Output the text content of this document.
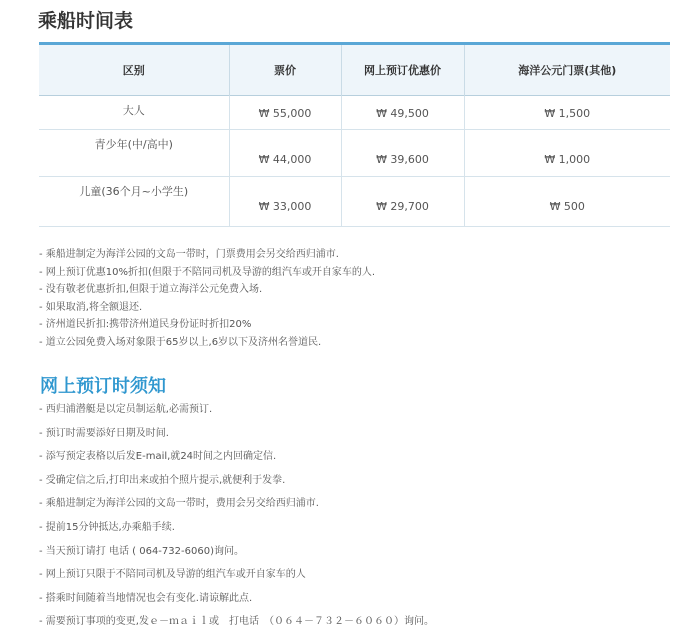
乘船时间表
区别	票价	网上预订优惠价	海洋公元门票(其他)
大人	₩ 55,000	₩ 49,500	₩ 1,500
青少年(中/高中)	₩ 44,000	₩ 39,600	₩ 1,000
儿童(36个月~小学生)	₩ 33,000	₩ 29,700	₩ 500
- 乘船进制定为海洋公园的文岛一带时，门票费用会另交给西归浦市.
- 网上预订优惠10%折扣(但限于不陪同司机及导游的组汽车或开自家车的人.
- 没有敬老优惠折扣,但限于道立海洋公元免费入场.
- 如果取消,将全额退还.
- 济州道民折扣:携带济州道民身份证时折扣20%
- 道立公园免费入场对象限于65岁以上,6岁以下及济州名誉道民.
网上预订时须知
- 西归浦潜艇是以定员制运航,必需预订.
- 预订时需要添好日期及时间.
- 添写预定表格以后发E-mail,就24时间之内回确定信.
- 受确定信之后,打印出来或拍个照片提示,就便利于发拳.
- 乘船进制定为海洋公园的文岛一带时，费用会另交给西归浦市.
- 提前15分钟抵达,办乘船手续.
- 当天预订请打 电话 ( 064-732-6060)询问。
- 网上预订只限于不陪同司机及导游的组汽车或开自家车的人
- 搭乘时间随着当地情况也会有变化.请谅解此点.
- 需要预订事项的变更,发ｅ－ｍａｉｌ或　打电话　（０６４－７３２－６０６０）询问。
